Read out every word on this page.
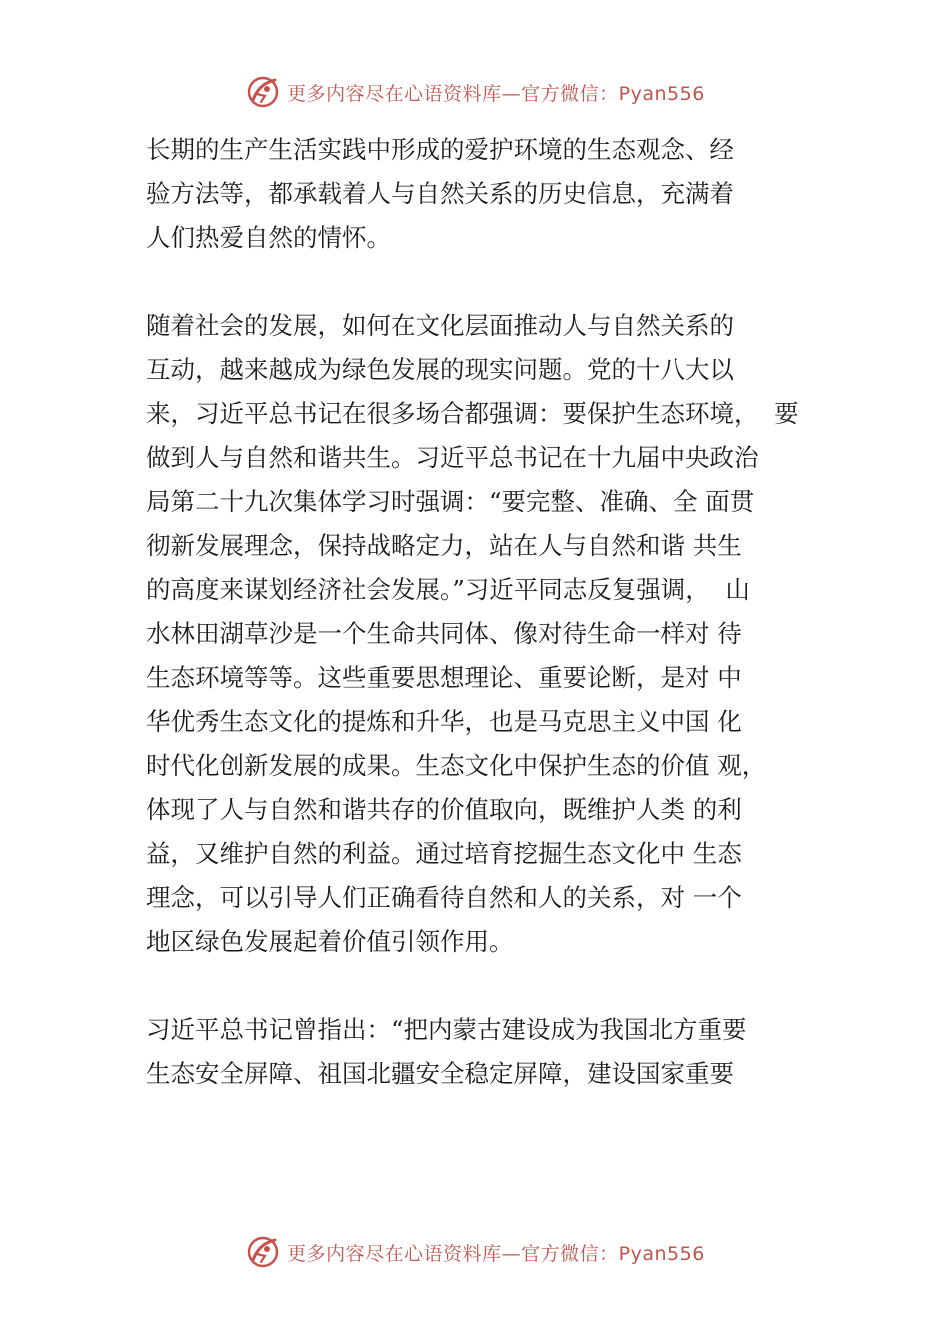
更多内容尽在心语资料库—官方微信：Pyan556
长期的生产生活实践中形成的爱护环境的生态观念、经
验方法等，都承载着人与自然关系的历史信息，充满着
人们热爱自然的情怀。
随着社会的发展，如何在文化层面推动人与自然关系的
互动，越来越成为绿色发展的现实问题。党的十八大以
来，习近平总书记在很多场合都强调：要保护生态环境，  要
做到人与自然和谐共生。习近平总书记在十九届中央政治
局第二十九次集体学习时强调：“要完整、准确、全 面贯
彻新发展理念，保持战略定力，站在人与自然和谐 共生
的高度来谋划经济社会发展。”习近平同志反复强调，  山
水林田湖草沙是一个生命共同体、像对待生命一样对 待
生态环境等等。这些重要思想理论、重要论断，是对 中
华优秀生态文化的提炼和升华，也是马克思主义中国 化
时代化创新发展的成果。生态文化中保护生态的价值 观，
体现了人与自然和谐共存的价值取向，既维护人类 的利
益，又维护自然的利益。通过培育挖掘生态文化中 生态
理念，可以引导人们正确看待自然和人的关系，对 一个
地区绿色发展起着价值引领作用。
习近平总书记曾指出：“把内蒙古建设成为我国北方重要
生态安全屏障、祖国北疆安全稳定屏障，建设国家重要
更多内容尽在心语资料库—官方微信：Pyan556
